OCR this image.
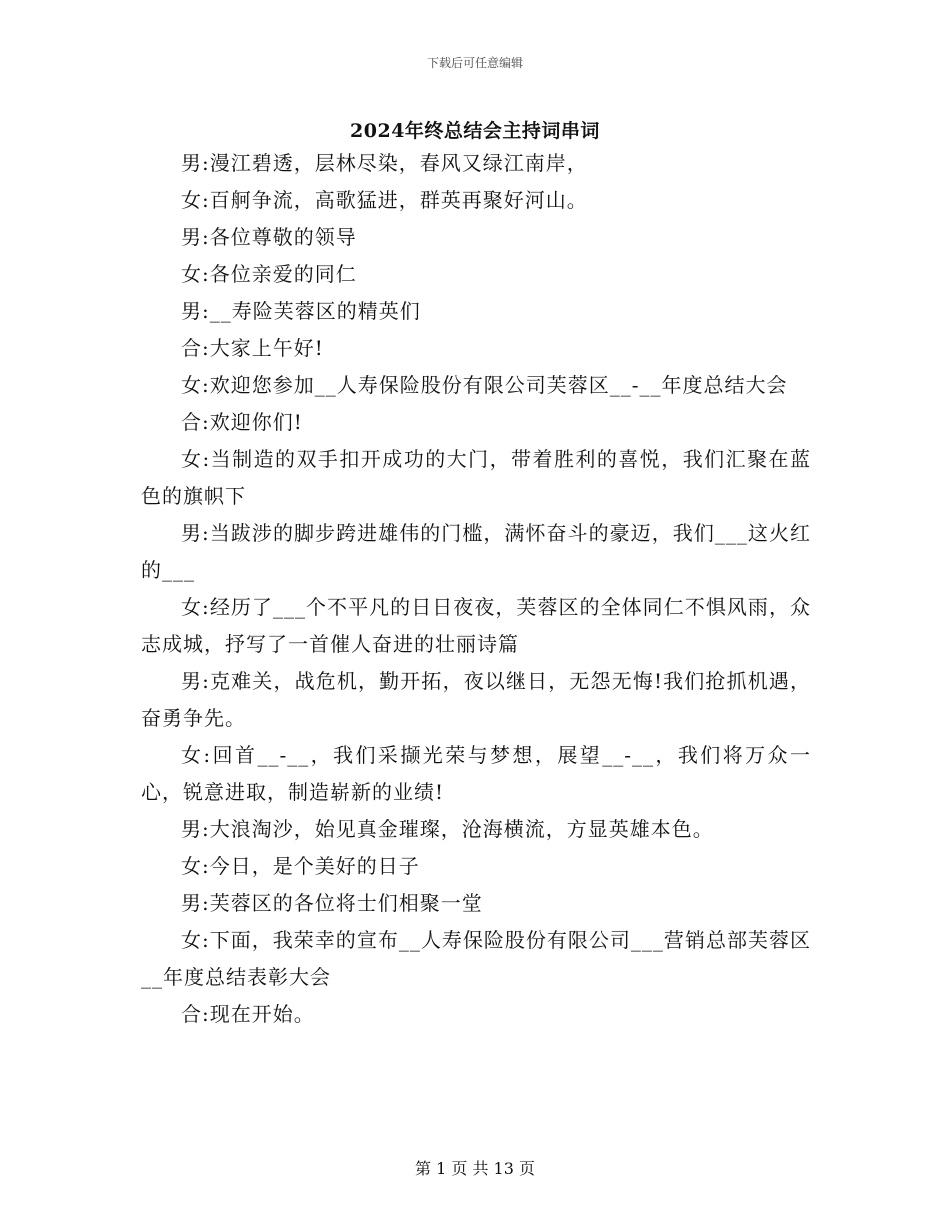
下载后可任意编辑
2024年终总结会主持词串词

男:漫江碧透，层林尽染，春风又绿江南岸，

女:百舸争流，高歌猛进，群英再聚好河山。

男:各位尊敬的领导

女:各位亲爱的同仁

男:__寿险芙蓉区的精英们

合:大家上午好!

女:欢迎您参加__人寿保险股份有限公司芙蓉区__-__年度总结大会

合:欢迎你们!

女:当制造的双手扣开成功的大门，带着胜利的喜悦，我们汇聚在蓝色的旗帜下

男:当跋涉的脚步跨进雄伟的门槛，满怀奋斗的豪迈，我们___这火红的___

女:经历了___个不平凡的日日夜夜，芙蓉区的全体同仁不惧风雨，众志成城，抒写了一首催人奋进的壮丽诗篇

男:克难关，战危机，勤开拓，夜以继日，无怨无悔!我们抢抓机遇，奋勇争先。

女:回首__-__，我们采撷光荣与梦想，展望__-__，我们将万众一心，锐意进取，制造崭新的业绩!

男:大浪淘沙，始见真金璀璨，沧海横流，方显英雄本色。

女:今日，是个美好的日子

男:芙蓉区的各位将士们相聚一堂

女:下面，我荣幸的宣布__人寿保险股份有限公司___营销总部芙蓉区__年度总结表彰大会

合:现在开始。

第 1 页 共 13 页
